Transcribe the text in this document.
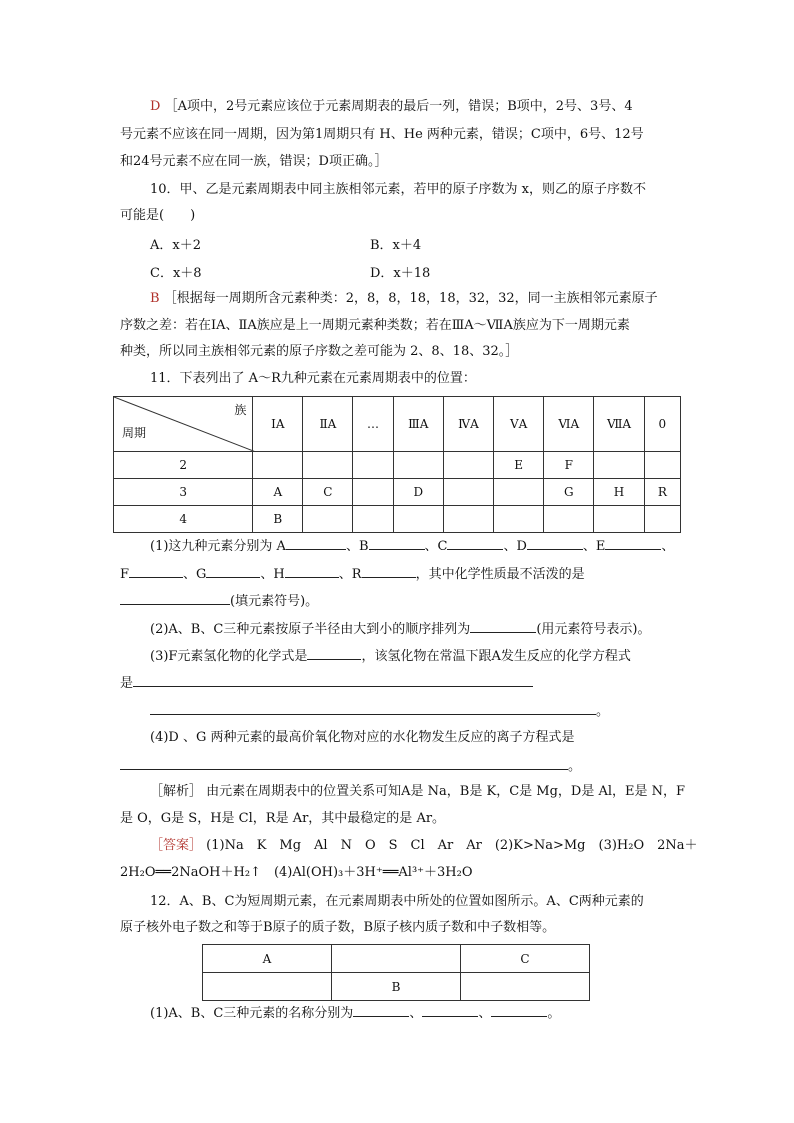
D ［A项中，2号元素应该位于元素周期表的最后一列，错误；B项中，2号、3号、4
号元素不应该在同一周期，因为第1周期只有 H、He 两种元素，错误；C项中，6号、12号
和24号元素不应在同一族，错误；D项正确。］
10．甲、乙是元素周期表中同主族相邻元素，若甲的原子序数为 x，则乙的原子序数不
可能是(　　)
A．x＋2	B．x＋4
C．x＋8	D．x＋18
B ［根据每一周期所含元素种类：2，8，8，18，18，32，32，同一主族相邻元素原子
序数之差：若在ⅠA、ⅡA族应是上一周期元素种类数；若在ⅢA～ⅦA族应为下一周期元素
种类，所以同主族相邻元素的原子序数之差可能为 2、8、18、32。］
11．下表列出了 A～R九种元素在元素周期表中的位置：
族
周期	ⅠA	ⅡA	…	ⅢA	ⅣA	ⅤA	ⅥA	ⅦA	0
2						E	F		
3	A	C		D			G	H	R
4	B								
(1)这九种元素分别为 A	、B	、C	、D	、E	、
F	、G	、H	、R	，其中化学性质最不活泼的是
(填元素符号)。
(2)A、B、C三种元素按原子半径由大到小的顺序排列为	(用元素符号表示)。
(3)F元素氢化物的化学式是	，该氢化物在常温下跟A发生反应的化学方程式
是
。
(4)D 、G 两种元素的最高价氧化物对应的水化物发生反应的离子方程式是
。
［解析］ 由元素在周期表中的位置关系可知A是 Na，B是 K，C是 Mg，D是 Al，E是 N，F
是 O，G是 S，H是 Cl，R是 Ar，其中最稳定的是 Ar。
［答案］ (1)Na　K　Mg　Al　N　O　S　Cl　Ar　Ar　(2)K>Na>Mg　(3)H₂O　2Na＋
2H₂O══2NaOH＋H₂↑　(4)Al(OH)₃＋3H⁺══Al³⁺＋3H₂O
12．A、B、C为短周期元素，在元素周期表中所处的位置如图所示。A、C两种元素的
原子核外电子数之和等于B原子的质子数，B原子核内质子数和中子数相等。
A		C
	B	
(1)A、B、C三种元素的名称分别为	、	、	。
